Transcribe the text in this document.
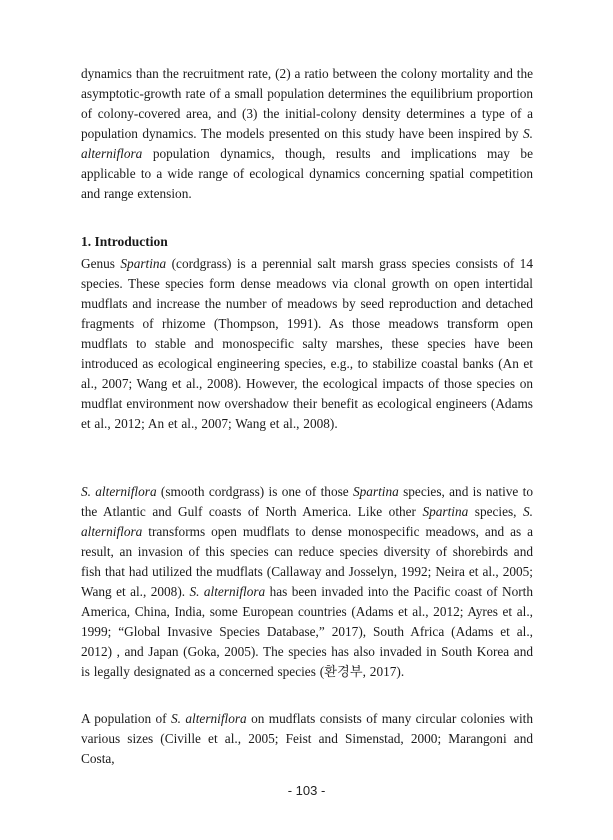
dynamics than the recruitment rate, (2) a ratio between the colony mortality and the asymptotic-growth rate of a small population determines the equilibrium proportion of colony-covered area, and (3) the initial-colony density determines a type of a population dynamics. The models presented on this study have been inspired by S. alterniflora population dynamics, though, results and implications may be applicable to a wide range of ecological dynamics concerning spatial competition and range extension.

1. Introduction

Genus Spartina (cordgrass) is a perennial salt marsh grass species consists of 14 species. These species form dense meadows via clonal growth on open intertidal mudflats and increase the number of meadows by seed reproduction and detached fragments of rhizome (Thompson, 1991). As those meadows transform open mudflats to stable and monospecific salty marshes, these species have been introduced as ecological engineering species, e.g., to stabilize coastal banks (An et al., 2007; Wang et al., 2008). However, the ecological impacts of those species on mudflat environment now overshadow their benefit as ecological engineers (Adams et al., 2012; An et al., 2007; Wang et al., 2008).

S. alterniflora (smooth cordgrass) is one of those Spartina species, and is native to the Atlantic and Gulf coasts of North America. Like other Spartina species, S. alterniflora transforms open mudflats to dense monospecific meadows, and as a result, an invasion of this species can reduce species diversity of shorebirds and fish that had utilized the mudflats (Callaway and Josselyn, 1992; Neira et al., 2005; Wang et al., 2008). S. alterniflora has been invaded into the Pacific coast of North America, China, India, some European countries (Adams et al., 2012; Ayres et al., 1999; “Global Invasive Species Database,” 2017), South Africa (Adams et al., 2012) , and Japan (Goka, 2005). The species has also invaded in South Korea and is legally designated as a concerned species (환경부, 2017).

A population of S. alterniflora on mudflats consists of many circular colonies with various sizes (Civille et al., 2005; Feist and Simenstad, 2000; Marangoni and Costa,

- 103 -
